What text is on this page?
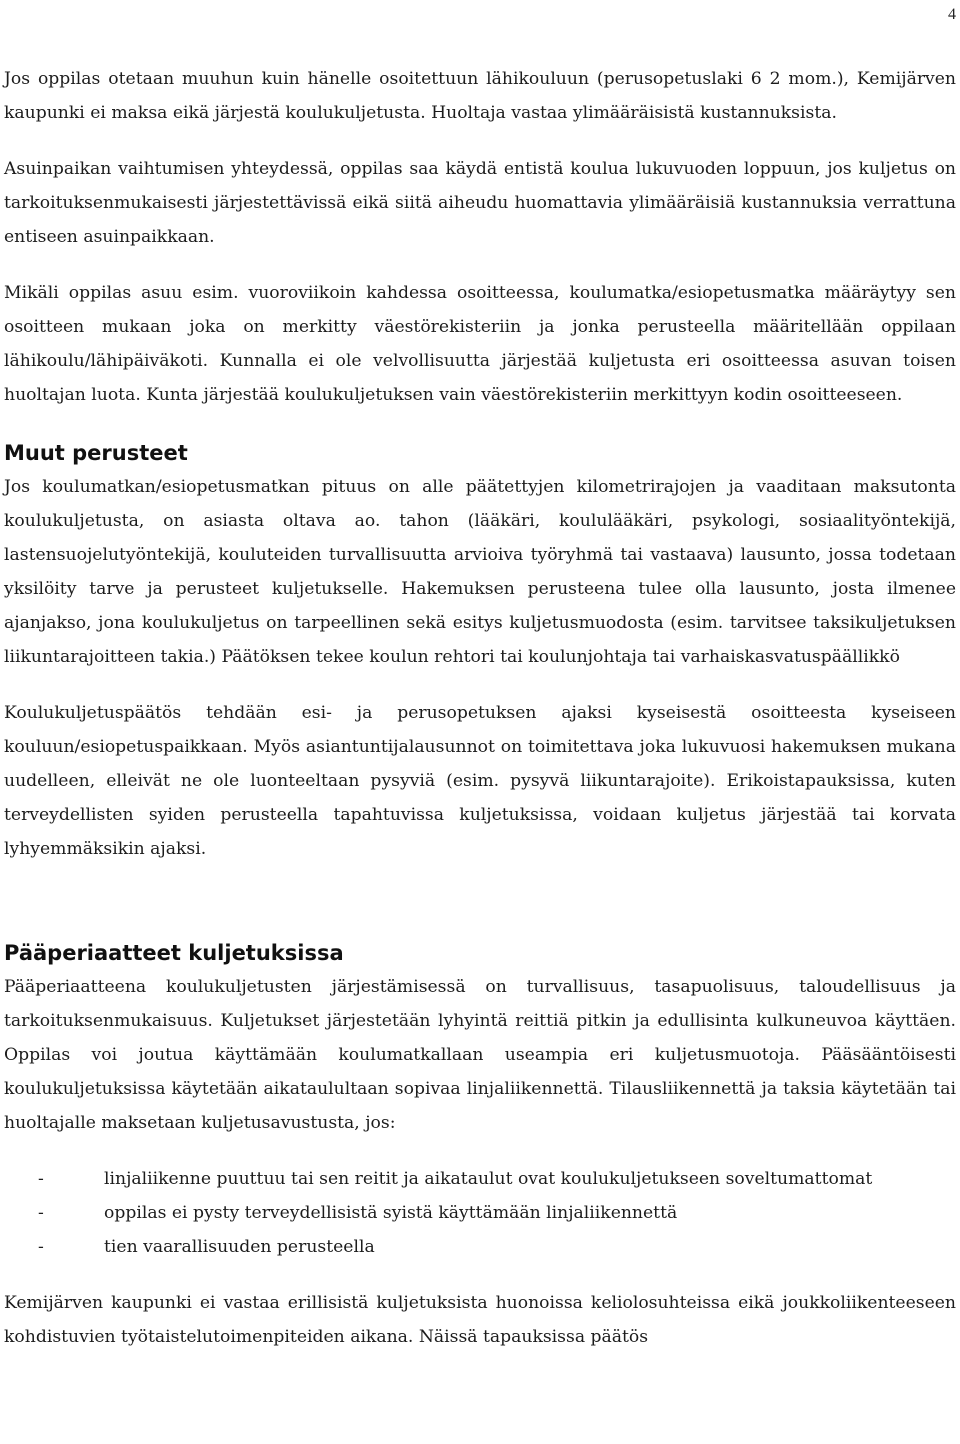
4

Jos oppilas otetaan muuhun kuin hänelle osoitettuun lähikouluun (perusopetuslaki 6 2 mom.), Kemijärven kaupunki ei maksa eikä järjestä koulukuljetusta. Huoltaja vastaa ylimääräisistä kustannuksista.

Asuinpaikan vaihtumisen yhteydessä, oppilas saa käydä entistä koulua lukuvuoden loppuun, jos kuljetus on tarkoituksenmukaisesti järjestettävissä eikä siitä aiheudu huomattavia ylimääräisiä kustannuksia verrattuna entiseen asuinpaikkaan.

Mikäli oppilas asuu esim. vuoroviikoin kahdessa osoitteessa, koulumatka/esiopetusmatka määräytyy sen osoitteen mukaan joka on merkitty väestörekisteriin ja jonka perusteella määritellään oppilaan lähikoulu/lähipäiväkoti. Kunnalla ei ole velvollisuutta järjestää kuljetusta eri osoitteessa asuvan toisen huoltajan luota. Kunta järjestää koulukuljetuksen vain väestörekisteriin merkittyyn kodin osoitteeseen.

Muut perusteet

Jos koulumatkan/esiopetusmatkan pituus on alle päätettyjen kilometrirajojen ja vaaditaan maksutonta koulukuljetusta, on asiasta oltava ao. tahon (lääkäri, koululääkäri, psykologi, sosiaalityöntekijä, lastensuojelutyöntekijä, kouluteiden turvallisuutta arvioiva työryhmä tai vastaava) lausunto, jossa todetaan yksilöity tarve ja perusteet kuljetukselle. Hakemuksen perusteena tulee olla lausunto, josta ilmenee ajanjakso, jona koulukuljetus on tarpeellinen sekä esitys kuljetusmuodosta (esim. tarvitsee taksikuljetuksen liikuntarajoitteen takia.) Päätöksen tekee koulun rehtori tai koulunjohtaja tai varhaiskasvatuspäällikkö

Koulukuljetuspäätös tehdään esi- ja perusopetuksen ajaksi kyseisestä osoitteesta kyseiseen kouluun/esiopetuspaikkaan. Myös asiantuntijalausunnot on toimitettava joka lukuvuosi hakemuksen mukana uudelleen, elleivät ne ole luonteeltaan pysyviä (esim. pysyvä liikuntarajoite). Erikoistapauksissa, kuten terveydellisten syiden perusteella tapahtuvissa kuljetuksissa, voidaan kuljetus järjestää tai korvata lyhyemmäksikin ajaksi.

Pääperiaatteet kuljetuksissa

Pääperiaatteena koulukuljetusten järjestämisessä on turvallisuus, tasapuolisuus, taloudellisuus ja tarkoituksenmukaisuus. Kuljetukset järjestetään lyhyintä reittiä pitkin ja edullisinta kulkuneuvoa käyttäen. Oppilas voi joutua käyttämään koulumatkallaan useampia eri kuljetusmuotoja. Pääsääntöisesti koulukuljetuksissa käytetään aikataulultaan sopivaa linjaliikennettä. Tilausliikennettä ja taksia käytetään tai huoltajalle maksetaan kuljetusavustusta, jos:

-	linjaliikenne puuttuu tai sen reitit ja aikataulut ovat koulukuljetukseen soveltumattomat
-	oppilas ei pysty terveydellisistä syistä käyttämään linjaliikennettä
-	tien vaarallisuuden perusteella

Kemijärven kaupunki ei vastaa erillisistä kuljetuksista huonoissa keliolosuhteissa eikä joukkoliikenteeseen kohdistuvien työtaistelutoimenpiteiden aikana. Näissä tapauksissa päätös
